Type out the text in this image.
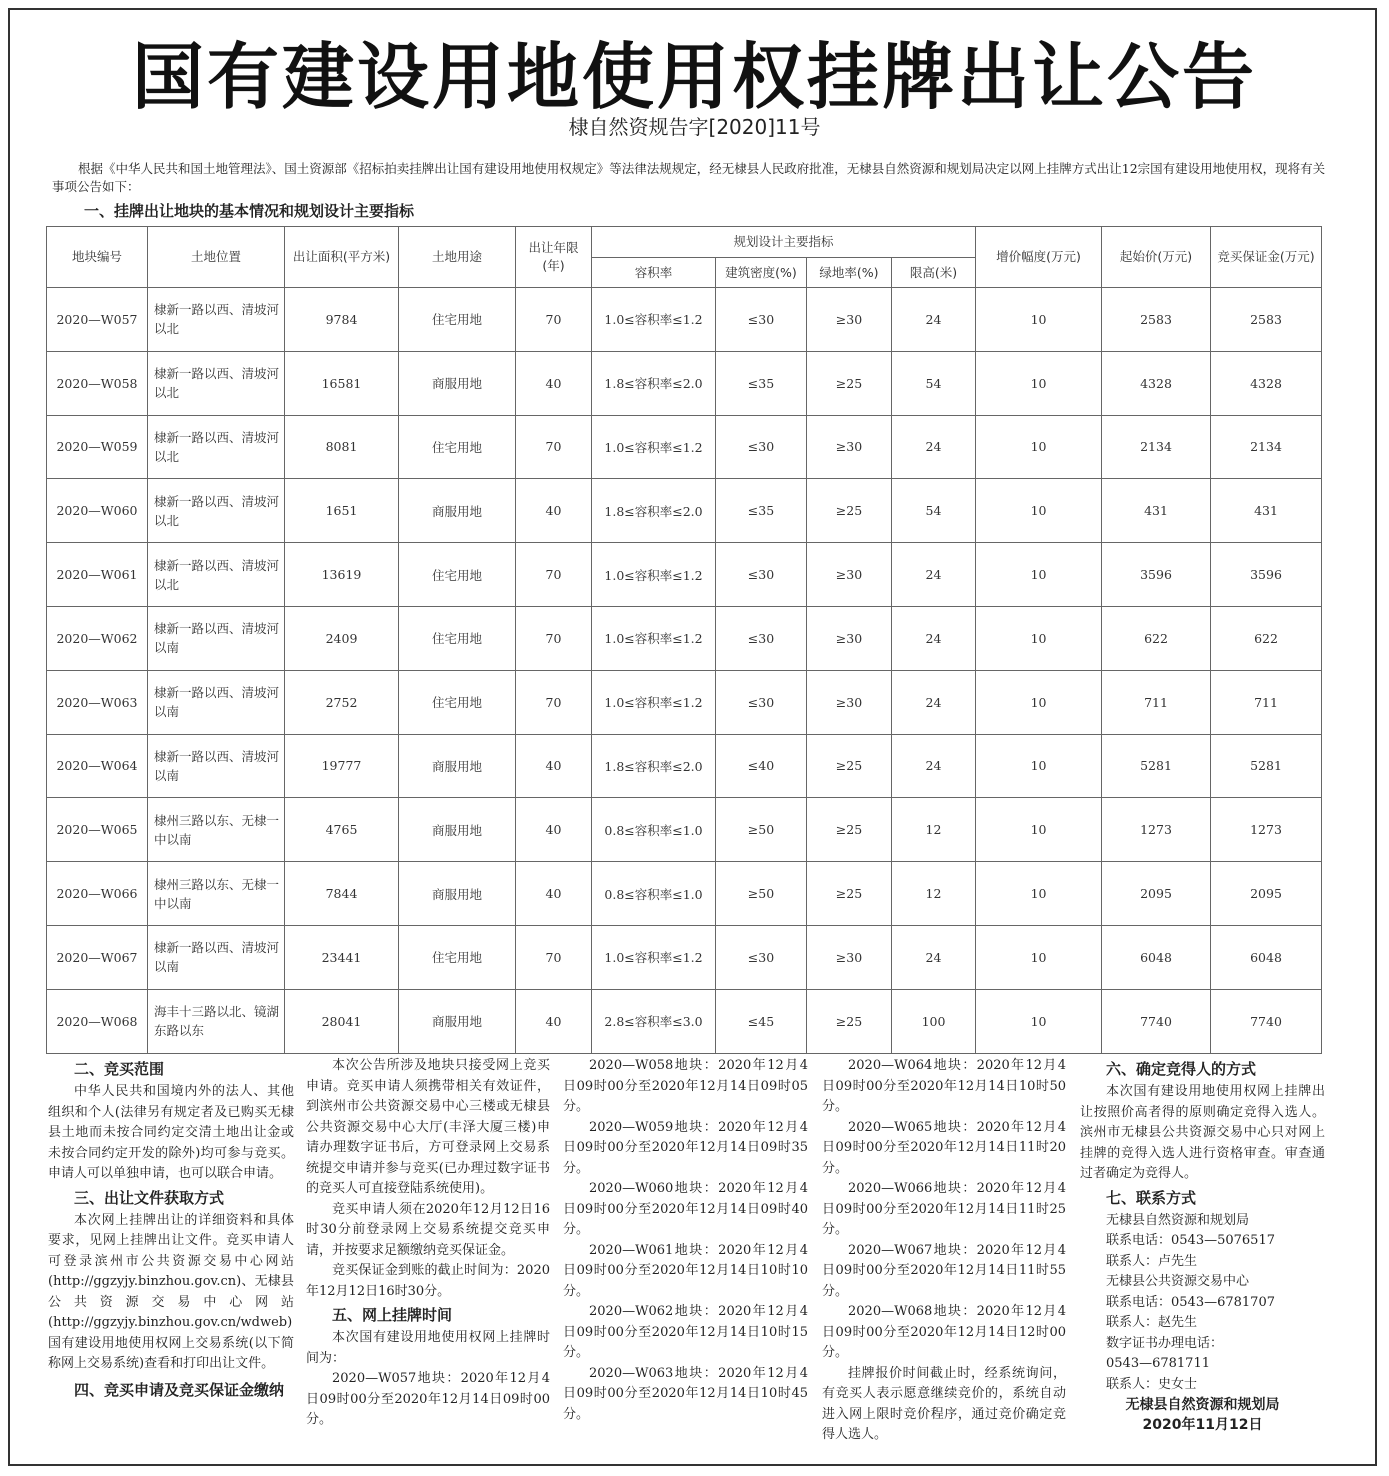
国有建设用地使用权挂牌出让公告
棣自然资规告字[2020]11号
根据《中华人民共和国土地管理法》、国土资源部《招标拍卖挂牌出让国有建设用地使用权规定》等法律法规规定，经无棣县人民政府批准，无棣县自然资源和规划局决定以网上挂牌方式出让12宗国有建设用地使用权，现将有关事项公告如下：
一、挂牌出让地块的基本情况和规划设计主要指标
地块编号	土地位置	出让面积(平方米)	土地用途	出让年限(年)	规划设计主要指标				增价幅度(万元)	起始价(万元)	竞买保证金(万元)
					容积率	建筑密度(%)	绿地率(%)	限高(米)			
2020—W057	棣新一路以西、清坡河以北	9784	住宅用地	70	1.0≤容积率≤1.2	≤30	≥30	24	10	2583	2583
2020—W058	棣新一路以西、清坡河以北	16581	商服用地	40	1.8≤容积率≤2.0	≤35	≥25	54	10	4328	4328
2020—W059	棣新一路以西、清坡河以北	8081	住宅用地	70	1.0≤容积率≤1.2	≤30	≥30	24	10	2134	2134
2020—W060	棣新一路以西、清坡河以北	1651	商服用地	40	1.8≤容积率≤2.0	≤35	≥25	54	10	431	431
2020—W061	棣新一路以西、清坡河以北	13619	住宅用地	70	1.0≤容积率≤1.2	≤30	≥30	24	10	3596	3596
2020—W062	棣新一路以西、清坡河以南	2409	住宅用地	70	1.0≤容积率≤1.2	≤30	≥30	24	10	622	622
2020—W063	棣新一路以西、清坡河以南	2752	住宅用地	70	1.0≤容积率≤1.2	≤30	≥30	24	10	711	711
2020—W064	棣新一路以西、清坡河以南	19777	商服用地	40	1.8≤容积率≤2.0	≤40	≥25	24	10	5281	5281
2020—W065	棣州三路以东、无棣一中以南	4765	商服用地	40	0.8≤容积率≤1.0	≥50	≥25	12	10	1273	1273
2020—W066	棣州三路以东、无棣一中以南	7844	商服用地	40	0.8≤容积率≤1.0	≥50	≥25	12	10	2095	2095
2020—W067	棣新一路以西、清坡河以南	23441	住宅用地	70	1.0≤容积率≤1.2	≤30	≥30	24	10	6048	6048
2020—W068	海丰十三路以北、镜湖东路以东	28041	商服用地	40	2.8≤容积率≤3.0	≤45	≥25	100	10	7740	7740
二、竞买范围

中华人民共和国境内外的法人、其他组织和个人(法律另有规定者及已购买无棣县土地而未按合同约定交清土地出让金或未按合同约定开发的除外)均可参与竞买。申请人可以单独申请，也可以联合申请。

三、出让文件获取方式

本次网上挂牌出让的详细资料和具体要求，见网上挂牌出让文件。竞买申请人可登录滨州市公共资源交易中心网站(http://ggzyjy.binzhou.gov.cn)、无棣县公共资源交易中心网站(http://ggzyjy.binzhou.gov.cn/wdweb)国有建设用地使用权网上交易系统(以下简称网上交易系统)查看和打印出让文件。

四、竞买申请及竞买保证金缴纳

本次公告所涉及地块只接受网上竞买申请。竞买申请人须携带相关有效证件，到滨州市公共资源交易中心三楼或无棣县公共资源交易中心大厅(丰泽大厦三楼)申请办理数字证书后，方可登录网上交易系统提交申请并参与竞买(已办理过数字证书的竞买人可直接登陆系统使用)。

竞买申请人须在2020年12月12日16时30分前登录网上交易系统提交竞买申请，并按要求足额缴纳竞买保证金。

竞买保证金到账的截止时间为：2020年12月12日16时30分。

五、网上挂牌时间

本次国有建设用地使用权网上挂牌时间为：

2020—W057地块：2020年12月4日09时00分至2020年12月14日09时00分。

2020—W058地块：2020年12月4日09时00分至2020年12月14日09时05分。

2020—W059地块：2020年12月4日09时00分至2020年12月14日09时35分。

2020—W060地块：2020年12月4日09时00分至2020年12月14日09时40分。

2020—W061地块：2020年12月4日09时00分至2020年12月14日10时10分。

2020—W062地块：2020年12月4日09时00分至2020年12月14日10时15分。

2020—W063地块：2020年12月4日09时00分至2020年12月14日10时45分。

2020—W064地块：2020年12月4日09时00分至2020年12月14日10时50分。

2020—W065地块：2020年12月4日09时00分至2020年12月14日11时20分。

2020—W066地块：2020年12月4日09时00分至2020年12月14日11时25分。

2020—W067地块：2020年12月4日09时00分至2020年12月14日11时55分。

2020—W068地块：2020年12月4日09时00分至2020年12月14日12时00分。

挂牌报价时间截止时，经系统询问，有竞买人表示愿意继续竞价的，系统自动进入网上限时竞价程序，通过竞价确定竞得人选人。

六、确定竞得人的方式

本次国有建设用地使用权网上挂牌出让按照价高者得的原则确定竞得入选人。滨州市无棣县公共资源交易中心只对网上挂牌的竞得入选人进行资格审查。审查通过者确定为竞得人。

七、联系方式
无棣县自然资源和规划局
联系电话：0543—5076517
联系人：卢先生
无棣县公共资源交易中心
联系电话：0543—6781707
联系人：赵先生
数字证书办理电话：
0543—6781711
联系人：史女士
无棣县自然资源和规划局
2020年11月12日
